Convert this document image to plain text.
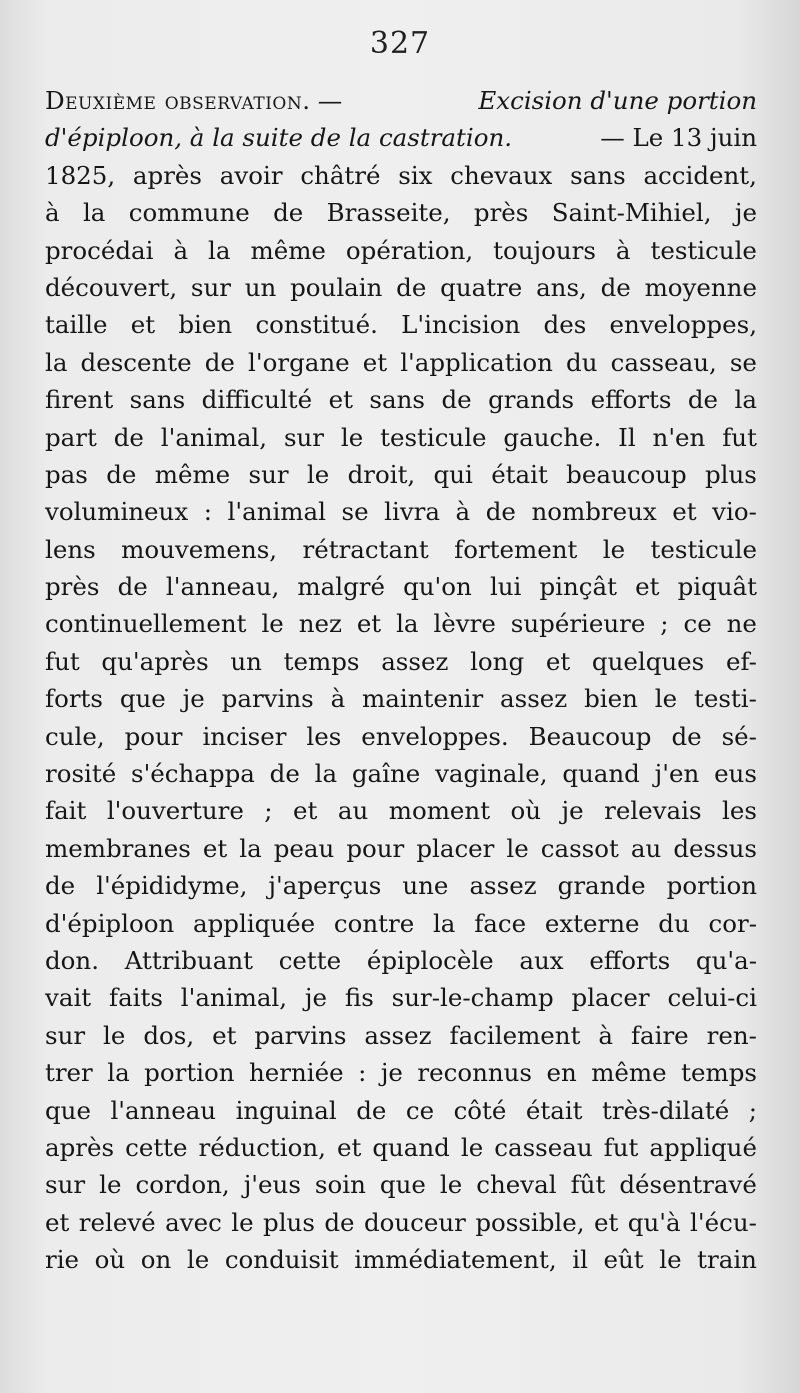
327
Deuxième observation. —	Excision d'une portion
d'épiploon, à la suite de la castration.	— Le 13 juin
1825, après avoir châtré six chevaux sans accident,
à la commune de Brasseite, près Saint-Mihiel, je
procédai à la même opération, toujours à testicule
découvert, sur un poulain de quatre ans, de moyenne
taille et bien constitué. L'incision des enveloppes,
la descente de l'organe et l'application du casseau, se
firent sans difficulté et sans de grands efforts de la
part de l'animal, sur le testicule gauche. Il n'en fut
pas de même sur le droit, qui était beaucoup plus
volumineux : l'animal se livra à de nombreux et vio-
lens mouvemens, rétractant fortement le testicule
près de l'anneau, malgré qu'on lui pinçât et piquât
continuellement le nez et la lèvre supérieure ; ce ne
fut qu'après un temps assez long et quelques ef-
forts que je parvins à maintenir assez bien le testi-
cule, pour inciser les enveloppes. Beaucoup de sé-
rosité s'échappa de la gaîne vaginale, quand j'en eus
fait l'ouverture ; et au moment où je relevais les
membranes et la peau pour placer le cassot au dessus
de l'épididyme, j'aperçus une assez grande portion
d'épiploon appliquée contre la face externe du cor-
don. Attribuant cette épiplocèle aux efforts qu'a-
vait faits l'animal, je fis sur-le-champ placer celui-ci
sur le dos, et parvins assez facilement à faire ren-
trer la portion herniée : je reconnus en même temps
que l'anneau inguinal de ce côté était très-dilaté ;
après cette réduction, et quand le casseau fut appliqué
sur le cordon, j'eus soin que le cheval fût désentravé
et relevé avec le plus de douceur possible, et qu'à l'écu-
rie où on le conduisit immédiatement, il eût le train
